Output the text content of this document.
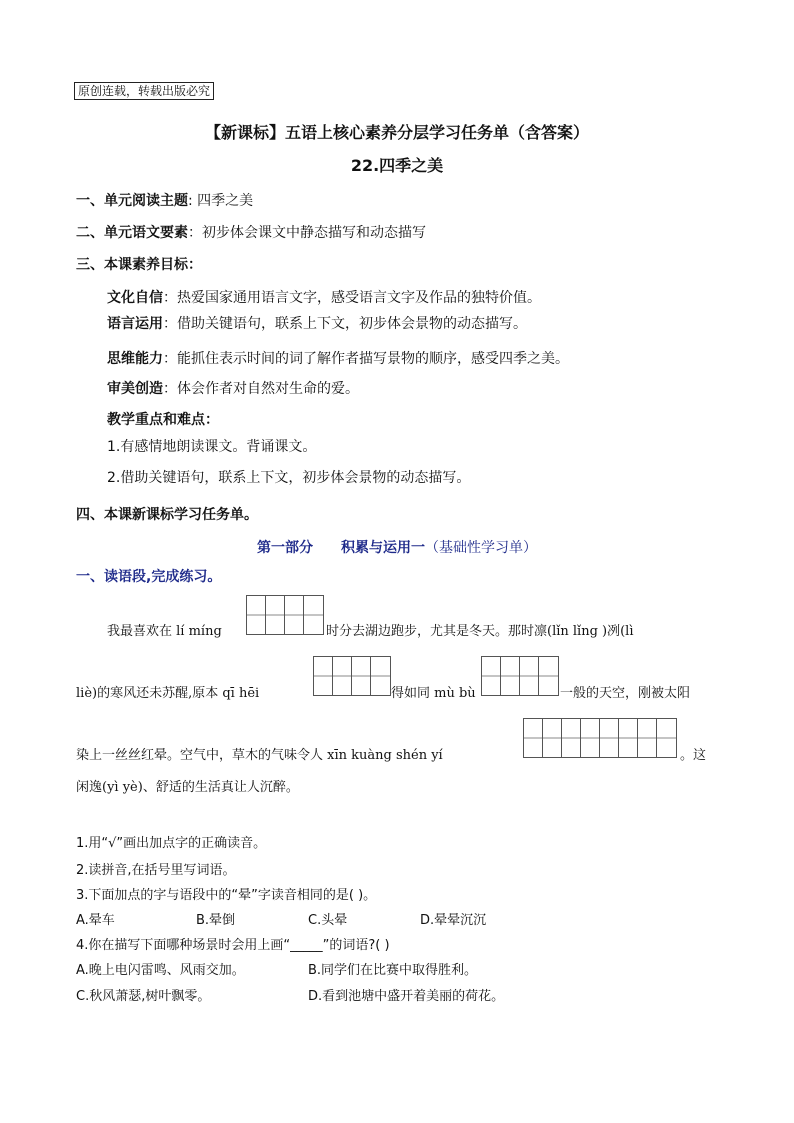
原创连载，转载出版必究
【新课标】五语上核心素养分层学习任务单（含答案）
22.四季之美
一、单元阅读主题: 四季之美
二、单元语文要素：初步体会课文中静态描写和动态描写
三、本课素养目标：
文化自信：热爱国家通用语言文字，感受语言文字及作品的独特价值。
语言运用：借助关键语句，联系上下文，初步体会景物的动态描写。
思维能力：能抓住表示时间的词了解作者描写景物的顺序，感受四季之美。
审美创造：体会作者对自然对生命的爱。
教学重点和难点：
1.有感情地朗读课文。背诵课文。
2.借助关键语句，联系上下文，初步体会景物的动态描写。
四、本课新课标学习任务单。
第一部分 积累与运用一（基础性学习单）
一、读语段,完成练习。
我最喜欢在 lí míng	时分去湖边跑步，尤其是冬天。那时凛(lǐn lǐng )冽(lì
liè)的寒风还未苏醒,原本 qī hēi	得如同 mù bù	一般的天空，刚被太阳
染上一丝丝红晕。空气中，草木的气味令人 xīn kuàng shén yí	。这
闲逸(yì yè)、舒适的生活真让人沉醉。
1.用“√”画出加点字的正确读音。
2.读拼音,在括号里写词语。
3.下面加点的字与语段中的“晕”字读音相同的是( )。
A.晕车	B.晕倒	C.头晕	D.晕晕沉沉
4.你在描写下面哪种场景时会用上画“_____”的词语?( )
A.晚上电闪雷鸣、风雨交加。	B.同学们在比赛中取得胜利。
C.秋风萧瑟,树叶飘零。	D.看到池塘中盛开着美丽的荷花。
